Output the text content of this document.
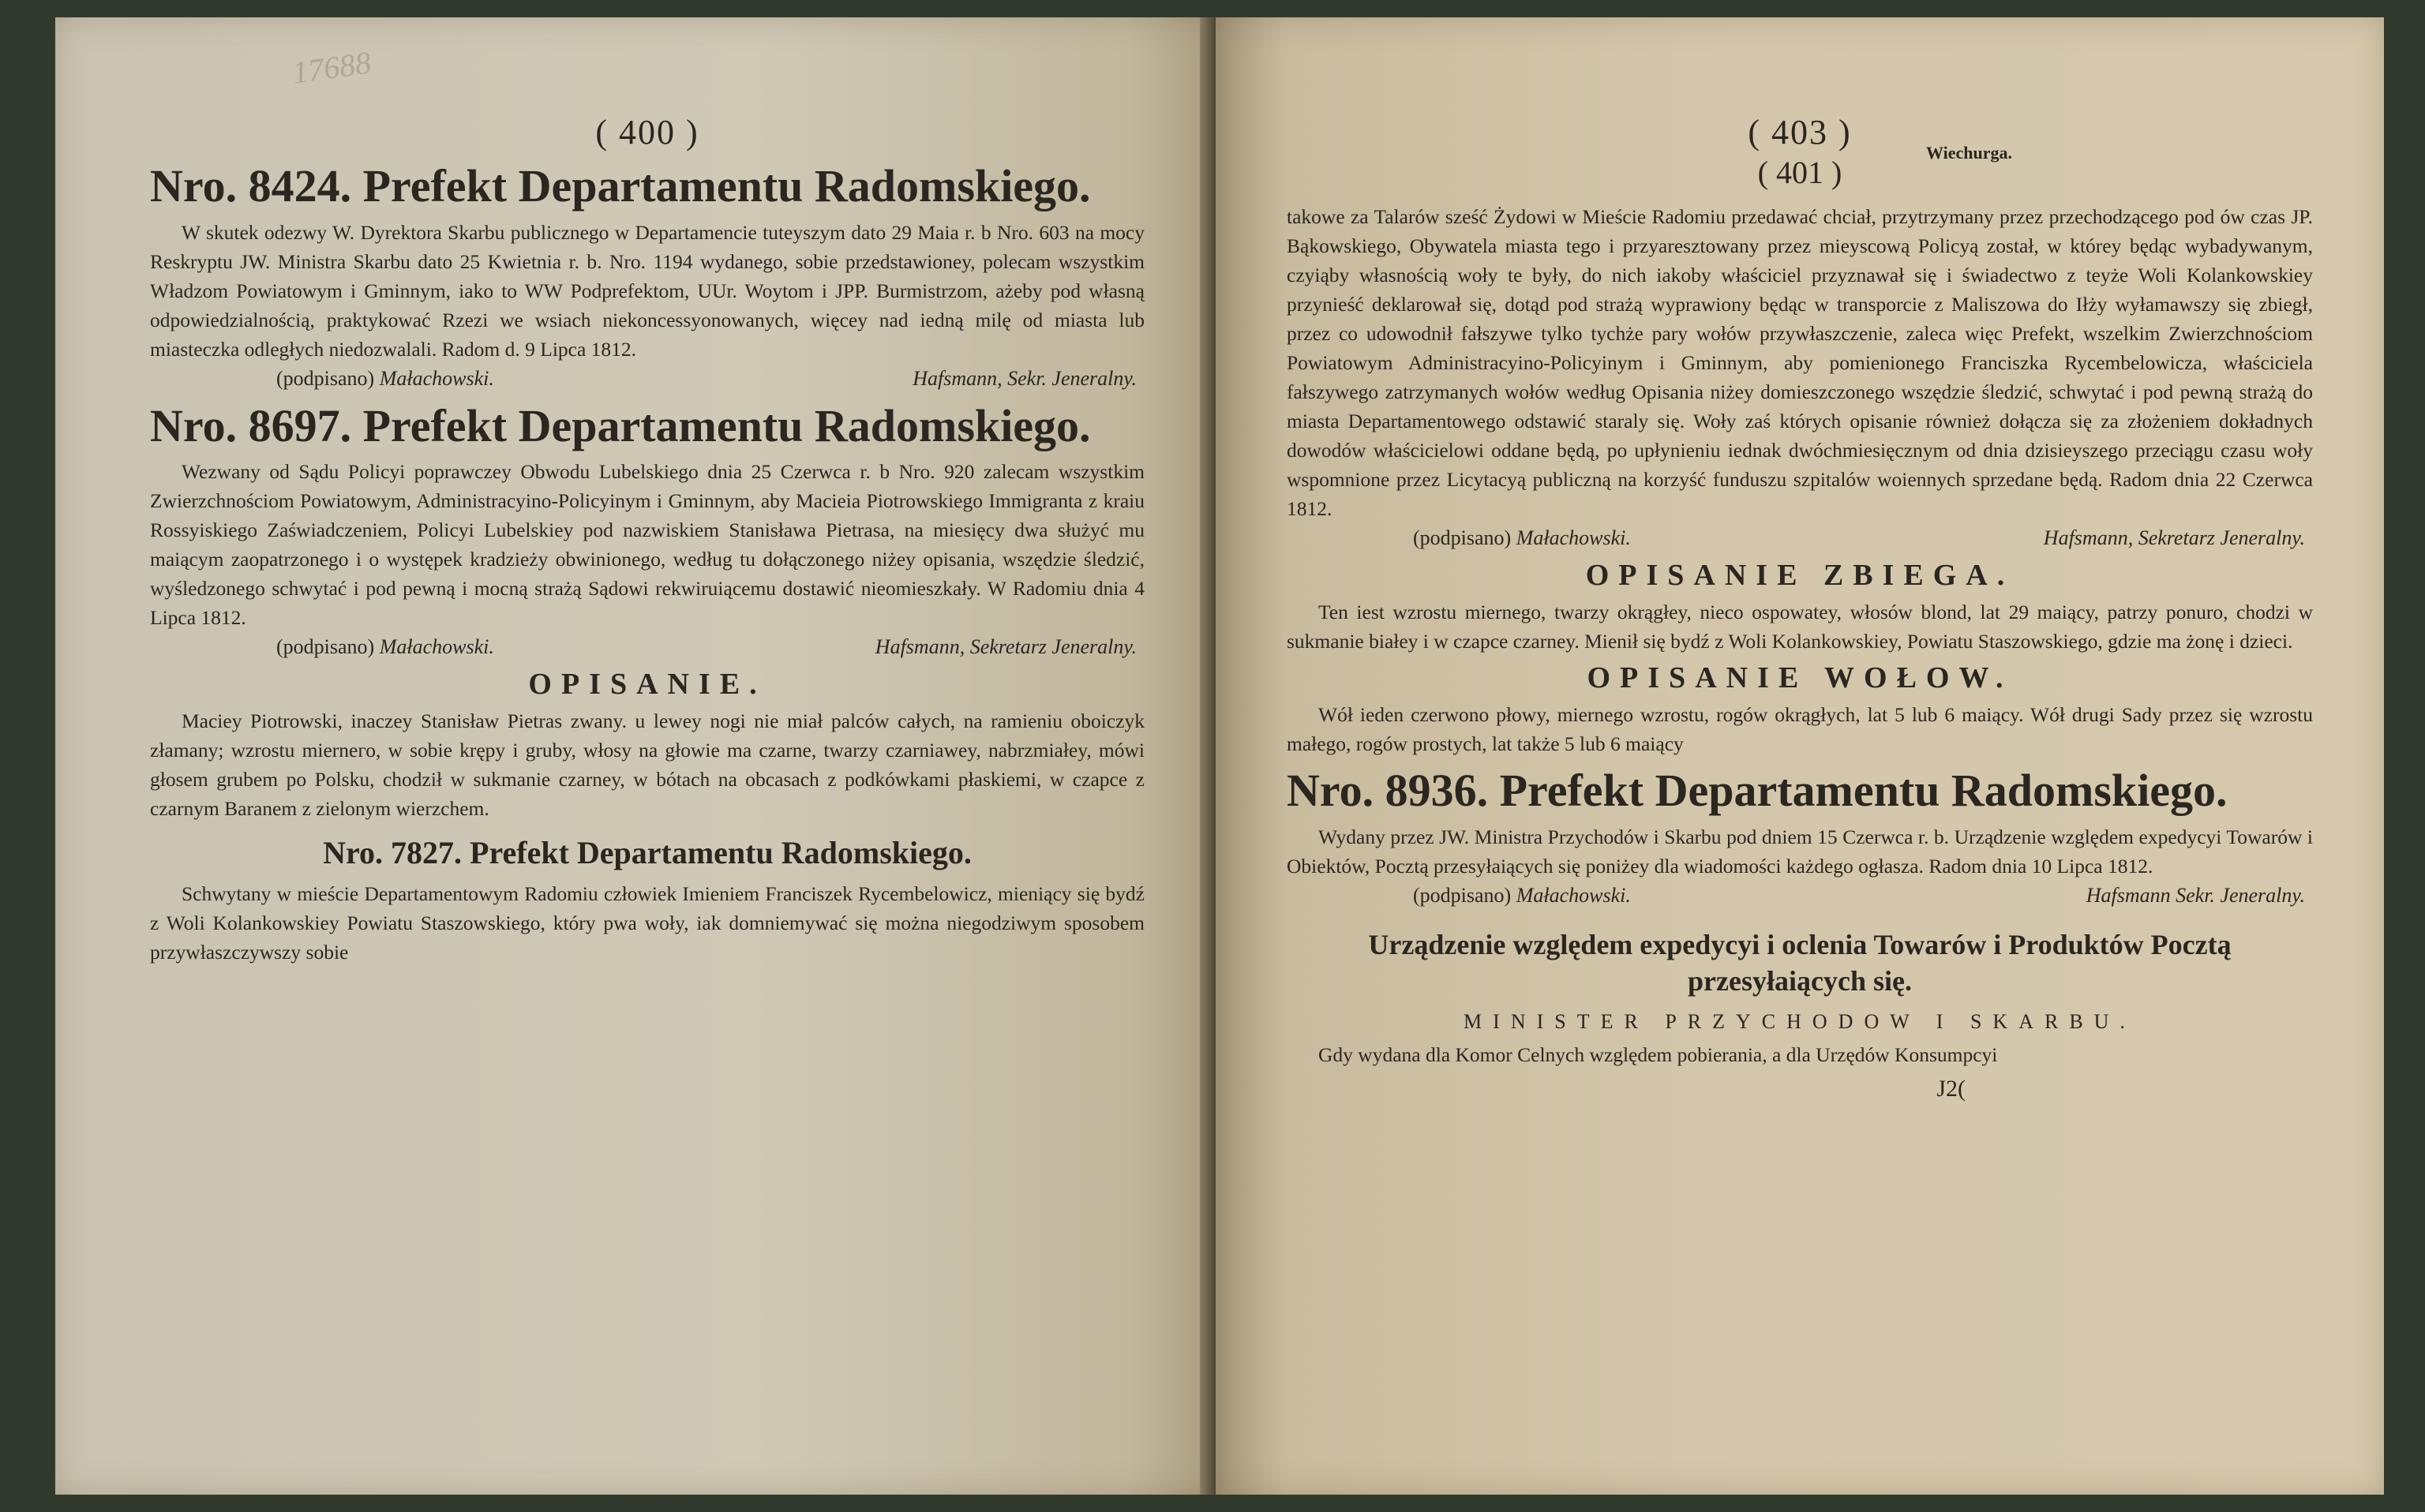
17688
( 400 )
Nro. 8424. Prefekt Departamentu Radomskiego.

W skutek odezwy W. Dyrektora Skarbu publicznego w Departamencie tuteyszym dato 29 Maia r. b Nro. 603 na mocy Reskryptu JW. Ministra Skarbu dato 25 Kwietnia r. b. Nro. 1194 wydanego, sobie przedstawioney, polecam wszystkim Władzom Powiatowym i Gminnym, iako to WW Podprefektom, UUr. Woytom i JPP. Burmistrzom, ażeby pod własną odpowiedzialnością, praktykować Rzezi we wsiach niekoncessyonowanych, więcey nad iedną milę od miasta lub miasteczka odległych niedozwalali. Radom d. 9 Lipca 1812.

(podpisano) Małachowski.	Hafsmann, Sekr. Jeneralny.
Nro. 8697. Prefekt Departamentu Radomskiego.

Wezwany od Sądu Policyi poprawczey Obwodu Lubelskiego dnia 25 Czerwca r. b Nro. 920 zalecam wszystkim Zwierzchnościom Powiatowym, Administracyino-Policyinym i Gminnym, aby Macieia Piotrowskiego Immigranta z kraiu Rossyiskiego Zaświadczeniem, Policyi Lubelskiey pod nazwiskiem Stanisława Pietrasa, na miesięcy dwa służyć mu maiącym zaopatrzonego i o występek kradzieży obwinionego, według tu dołączonego niżey opisania, wszędzie śledzić, wyśledzonego schwytać i pod pewną i mocną strażą Sądowi rekwiruiącemu dostawić nieomieszkały. W Radomiu dnia 4 Lipca 1812.

(podpisano) Małachowski.	Hafsmann, Sekretarz Jeneralny.
OPISANIE.

Maciey Piotrowski, inaczey Stanisław Pietras zwany. u lewey nogi nie miał palców całych, na ramieniu oboiczyk złamany; wzrostu mierneго, w sobie krępy i gruby, włosy na głowie ma czarne, twarzy czarniawey, nabrzmiałey, mówi głosem grubem po Polsku, chodził w sukmanie czarney, w bótach na obcasach z podkówkami płaskiemi, w czapce z czarnym Baranem z zielonym wierzchem.

Nro. 7827. Prefekt Departamentu Radomskiego.

Schwytany w mieście Departamentowym Radomiu człowiek Imieniem Franciszek Rycembelowicz, mieniący się bydź z Woli Kolankowskiey Powiatu Staszowskiego, który pwa woły, iak domniemywać się można niegodziwym sposobem przywłaszczywszy sobie

( 403 )
( 401 )
Wiechurga.

takowe za Talarów sześć Żydowi w Mieście Radomiu przedawać chciał, przytrzymany przez przechodzącego pod ów czas JP. Bąkowskiego, Obywatela miasta tego i przyaresztowany przez miеyscową Policyą został, w którey będąc wybadywanym, czyiąby własnością woły te były, do nich iakoby właściciel przyznawał się i świadectwo z teyże Woli Kolankowskiey przynieść deklarował się, dotąd pod strażą wyprawiony będąc w transporcie z Maliszowa do Iłży wyłamawszy się zbiegł, przez co udowodnił fałszywe tylko tychże pary wołów przywłaszczenie, zaleca więc Prefekt, wszelkim Zwierzchnościom Powiatowym Administracyino-Policyinym i Gminnym, aby pomienionego Franciszka Rycembelowicza, właściciela fałszywego zatrzymanych wołów według Opisania niżey domieszczonego wszędzie śledzić, schwytać i pod pewną strażą do miasta Departamentowego odstawić staraly się. Woły zaś których opisanie również dołącza się za złożeniem dokładnych dowodów właścicielowi oddane będą, po upłynieniu iednak dwóchmiesięcznym od dnia dzisieyszego przeciągu czasu woły wspomnione przez Licytacyą publiczną na korzyść funduszu szpitalów woiennych sprzedane będą. Radom dnia 22 Czerwca 1812.

(podpisano) Małachowski.	Hafsmann, Sekretarz Jeneralny.
OPISANIE ZBIEGA.

Ten iest wzrostu miernego, twarzy okrągłey, nieco ospowatey, włosów blond, lat 29 maiący, patrzy ponuro, chodzi w sukmanie białey i w czapce czarney. Mienił się bydź z Woli Kolankowskiey, Powiatu Staszowskiego, gdzie ma żonę i dzieci.

OPISANIE WOŁOW.

Wół ieden czerwono płowy, miernego wzrostu, rogów okrągłych, lat 5 lub 6 maiący. Wół drugi Sady przez się wzrostu małego, rogów prostych, lat także 5 lub 6 maiący

Nro. 8936. Prefekt Departamentu Radomskiego.

Wydany przez JW. Ministra Przychodów i Skarbu pod dniem 15 Czerwca r. b. Urządzenie względem expedycyi Towarów i Obiektów, Pocztą przesyłaiących się poniżey dla wiadomości każdego ogłasza. Radom dnia 10 Lipca 1812.

(podpisano) Małachowski.	Hafsmann Sekr. Jeneralny.
Urządzenie względem expedycyi i oclenia Towarów i Produktów Pocztą przesyłaiących się.
MINISTER PRZYCHODOW I SKARBU.

Gdy wydana dla Komor Celnych względem pobierania, a dla Urzędów Konsumpcyi

J2(
